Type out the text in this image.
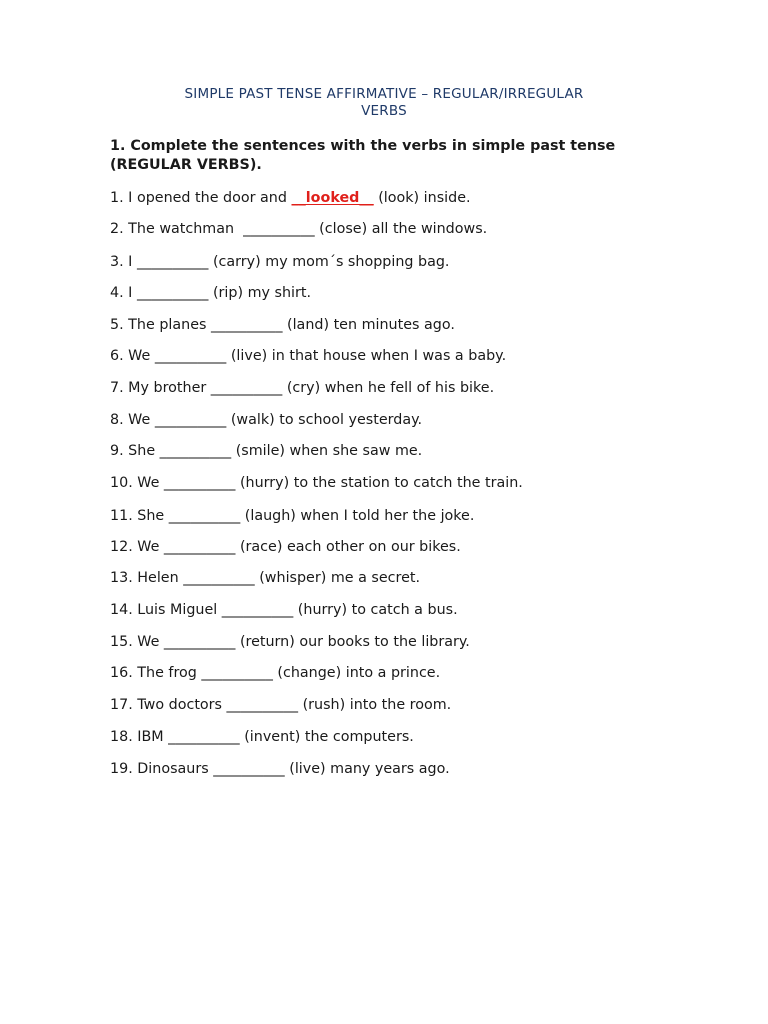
SIMPLE PAST TENSE AFFIRMATIVE – REGULAR/IRREGULAR
VERBS
1. Complete the sentences with the verbs in simple past tense
(REGULAR VERBS).
1. I opened the door and __looked__ (look) inside.
2. The watchman  __________ (close) all the windows.
3. I __________ (carry) my mom´s shopping bag.
4. I __________ (rip) my shirt.
5. The planes __________ (land) ten minutes ago.
6. We __________ (live) in that house when I was a baby.
7. My brother __________ (cry) when he fell of his bike.
8. We __________ (walk) to school yesterday.
9. She __________ (smile) when she saw me.
10. We __________ (hurry) to the station to catch the train.
11. She __________ (laugh) when I told her the joke.
12. We __________ (race) each other on our bikes.
13. Helen __________ (whisper) me a secret.
14. Luis Miguel __________ (hurry) to catch a bus.
15. We __________ (return) our books to the library.
16. The frog __________ (change) into a prince.
17. Two doctors __________ (rush) into the room.
18. IBM __________ (invent) the computers.
19. Dinosaurs __________ (live) many years ago.
